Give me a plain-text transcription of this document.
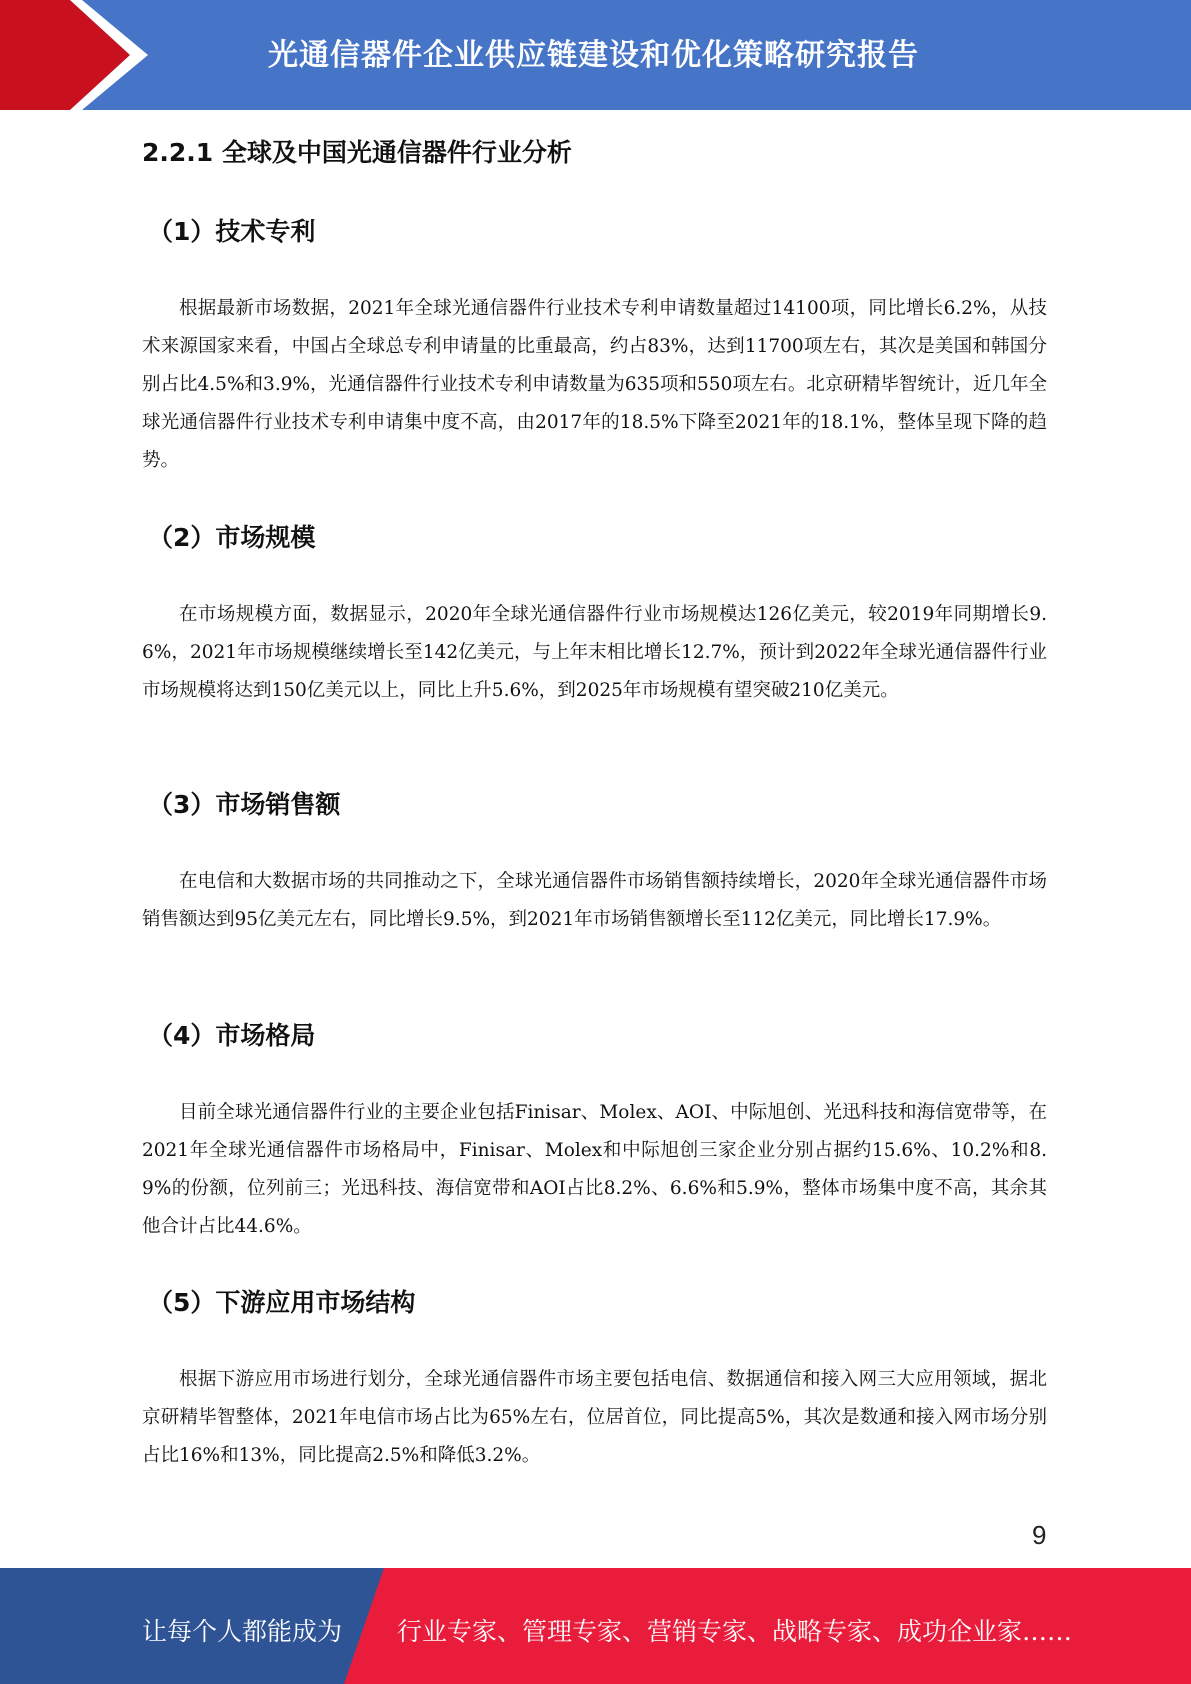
光通信器件企业供应链建设和优化策略研究报告
2.2.1 全球及中国光通信器件行业分析
（1）技术专利
根据最新市场数据，2021年全球光通信器件行业技术专利申请数量超过14100项，同比增长6.2%，从技术来源国家来看，中国占全球总专利申请量的比重最高，约占83%，达到11700项左右，其次是美国和韩国分别占比4.5%和3.9%，光通信器件行业技术专利申请数量为635项和550项左右。北京研精毕智统计，近几年全球光通信器件行业技术专利申请集中度不高，由2017年的18.5%下降至2021年的18.1%，整体呈现下降的趋势。
（2）市场规模
在市场规模方面，数据显示，2020年全球光通信器件行业市场规模达126亿美元，较2019年同期增长9.6%，2021年市场规模继续增长至142亿美元，与上年末相比增长12.7%，预计到2022年全球光通信器件行业市场规模将达到150亿美元以上，同比上升5.6%，到2025年市场规模有望突破210亿美元。
（3）市场销售额
在电信和大数据市场的共同推动之下，全球光通信器件市场销售额持续增长，2020年全球光通信器件市场销售额达到95亿美元左右，同比增长9.5%，到2021年市场销售额增长至112亿美元，同比增长17.9%。
（4）市场格局
目前全球光通信器件行业的主要企业包括Finisar、Molex、AOI、中际旭创、光迅科技和海信宽带等，在2021年全球光通信器件市场格局中，Finisar、Molex和中际旭创三家企业分别占据约15.6%、10.2%和8.9%的份额，位列前三；光迅科技、海信宽带和AOI占比8.2%、6.6%和5.9%，整体市场集中度不高，其余其他合计占比44.6%。
（5）下游应用市场结构
根据下游应用市场进行划分，全球光通信器件市场主要包括电信、数据通信和接入网三大应用领域，据北京研精毕智整体，2021年电信市场占比为65%左右，位居首位，同比提高5%，其次是数通和接入网市场分别占比16%和13%，同比提高2.5%和降低3.2%。
9
让每个人都能成为 行业专家、管理专家、营销专家、战略专家、成功企业家……
